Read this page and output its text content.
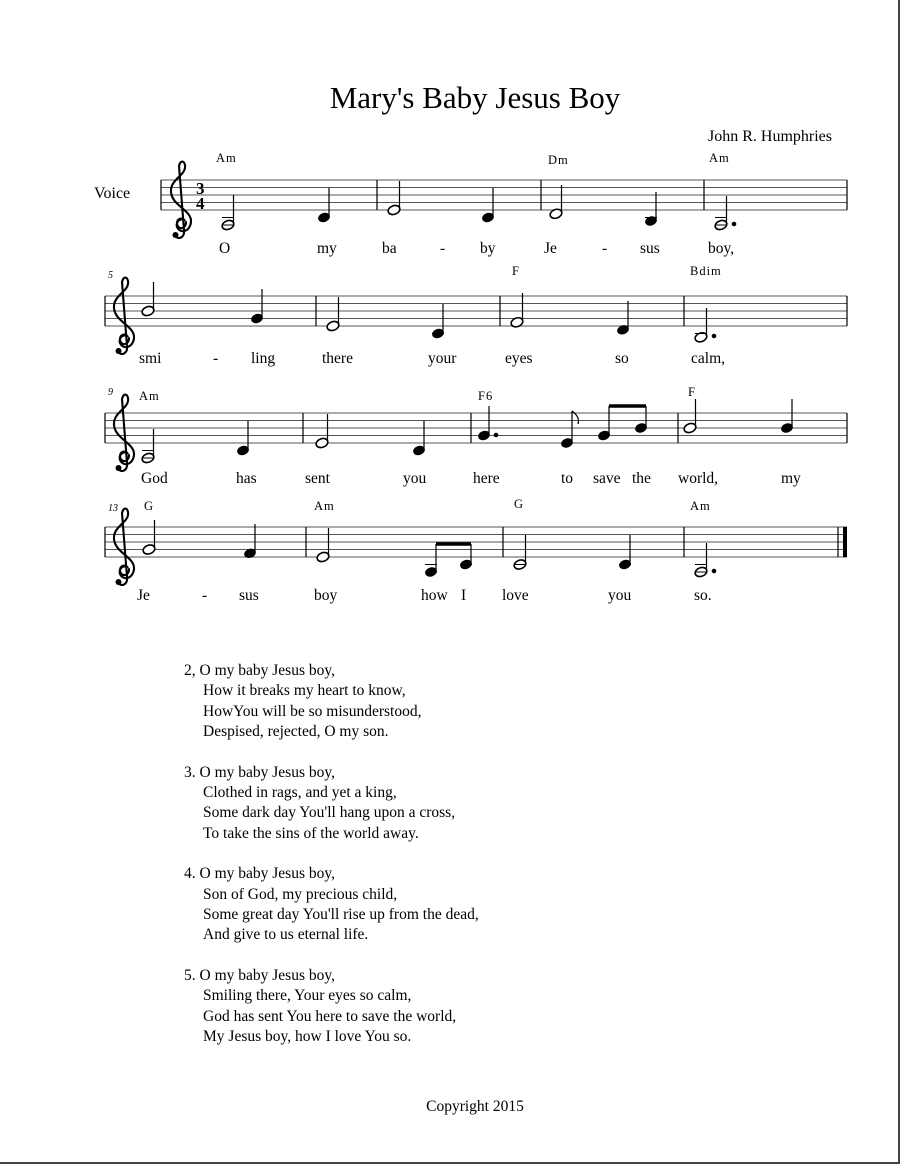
Mary's Baby Jesus Boy
John R. Humphries
Voice
Am	Dm	Am
O	my	ba	- by	Je	- sus	boy,
5	F	Bdim
smi	- ling	there	your	eyes	so	calm,
9 Am	F6	F
God	has	sent	you	here	to save the world,	my
13 G	Am	G	Am
Je	- sus	boy	how I love	you	so.
3
4
2, O my baby Jesus boy,
How it breaks my heart to know,
HowYou will be so misunderstood,
Despised, rejected, O my son.
3. O my baby Jesus boy,
Clothed in rags, and yet a king,
Some dark day You'll hang upon a cross,
To take the sins of the world away.
4. O my baby Jesus boy,
Son of God, my precious child,
Some great day You'll rise up from the dead,
And give to us eternal life.
5. O my baby Jesus boy,
Smiling there, Your eyes so calm,
God has sent You here to save the world,
My Jesus boy, how I love You so.
Copyright 2015
